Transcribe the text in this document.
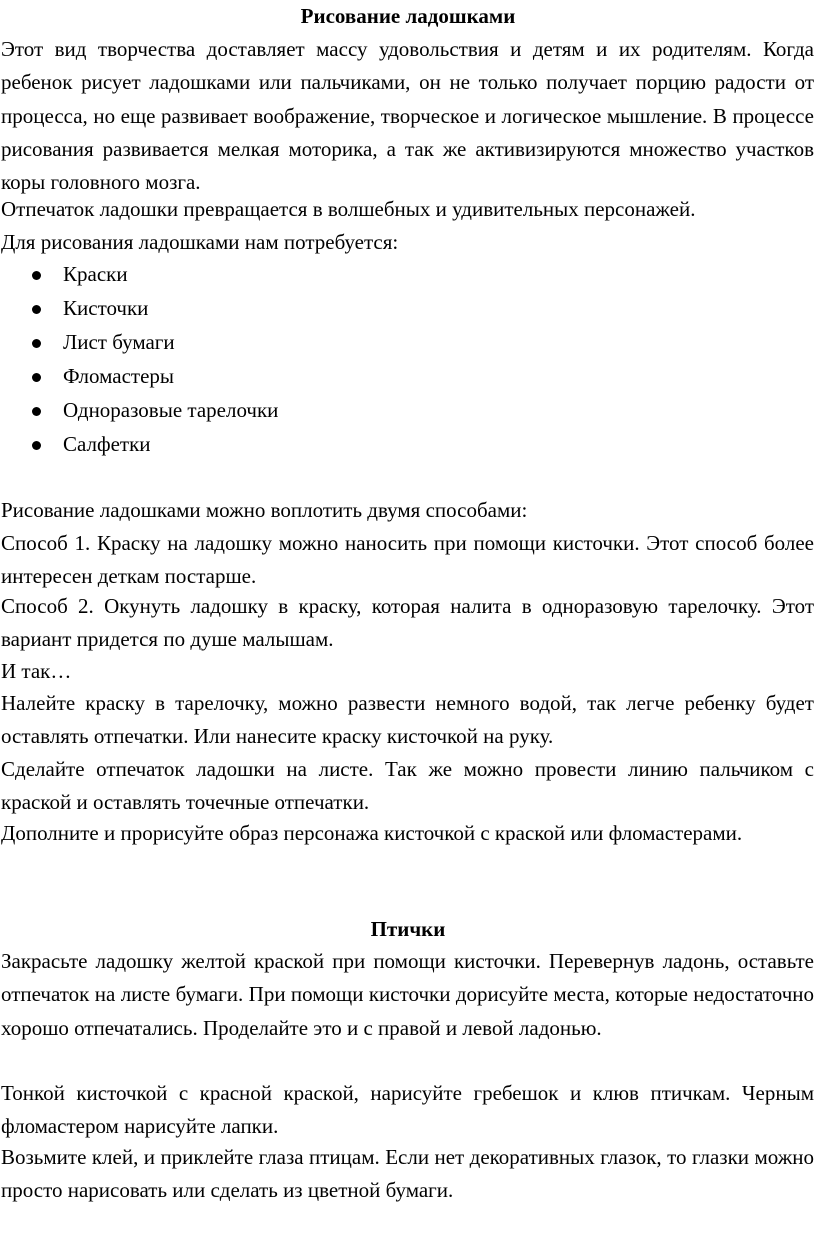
Рисование ладошками

Этот вид творчества доставляет массу удовольствия и детям и их родителям. Когда ребенок рисует ладошками или пальчиками, он не только получает порцию радости от процесса, но еще развивает воображение, творческое и логическое мышление. В процессе рисования развивается мелкая моторика, а так же активизируются множество участков коры головного мозга.

Отпечаток ладошки превращается в волшебных и удивительных персонажей.

Для рисования ладошками нам потребуется:

Краски
Кисточки
Лист бумаги
Фломастеры
Одноразовые тарелочки
Салфетки

Рисование ладошками можно воплотить двумя способами:

Способ 1. Краску на ладошку можно наносить при помощи кисточки. Этот способ более интересен деткам постарше.

Способ 2. Окунуть ладошку в краску, которая налита в одноразовую тарелочку. Этот вариант придется по душе малышам.

И так…

Налейте краску в тарелочку, можно развести немного водой, так легче ребенку будет оставлять отпечатки. Или нанесите краску кисточкой на руку.

Сделайте отпечаток ладошки на листе. Так же можно провести линию пальчиком с краской и оставлять точечные отпечатки.

Дополните и прорисуйте образ персонажа кисточкой с краской или фломастерами.

Птички

Закрасьте ладошку желтой краской при помощи кисточки. Перевернув ладонь, оставьте отпечаток на листе бумаги. При помощи кисточки дорисуйте места, которые недостаточно хорошо отпечатались. Проделайте это и с правой и левой ладонью.

Тонкой кисточкой с красной краской, нарисуйте гребешок и клюв птичкам. Черным фломастером нарисуйте лапки.

Возьмите клей, и приклейте глаза птицам. Если нет декоративных глазок, то глазки можно просто нарисовать или сделать из цветной бумаги.
